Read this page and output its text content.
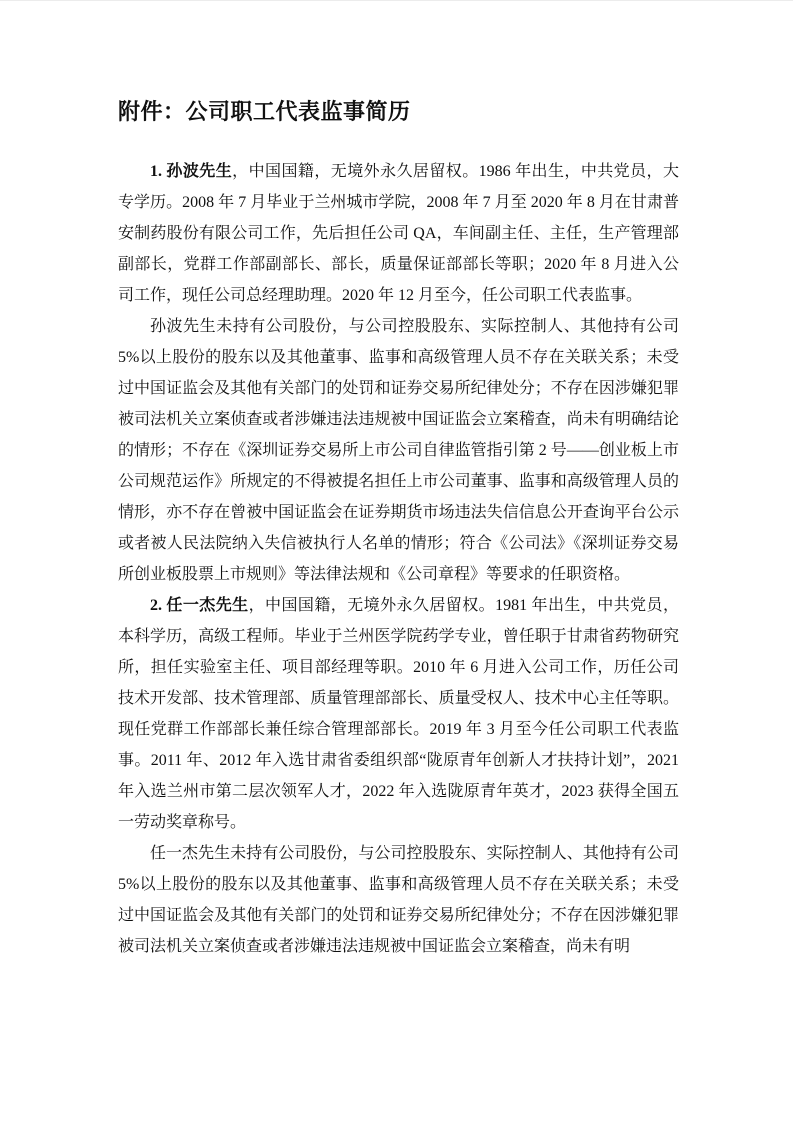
附件：公司职工代表监事简历

1. 孙波先生，中国国籍，无境外永久居留权。1986 年出生，中共党员，大专学历。2008 年 7 月毕业于兰州城市学院，2008 年 7 月至 2020 年 8 月在甘肃普安制药股份有限公司工作，先后担任公司 QA，车间副主任、主任，生产管理部副部长，党群工作部副部长、部长，质量保证部部长等职；2020 年 8 月进入公司工作，现任公司总经理助理。2020 年 12 月至今，任公司职工代表监事。

孙波先生未持有公司股份，与公司控股股东、实际控制人、其他持有公司5%以上股份的股东以及其他董事、监事和高级管理人员不存在关联关系；未受过中国证监会及其他有关部门的处罚和证券交易所纪律处分；不存在因涉嫌犯罪被司法机关立案侦查或者涉嫌违法违规被中国证监会立案稽查，尚未有明确结论的情形；不存在《深圳证券交易所上市公司自律监管指引第 2 号——创业板上市公司规范运作》所规定的不得被提名担任上市公司董事、监事和高级管理人员的情形，亦不存在曾被中国证监会在证券期货市场违法失信信息公开查询平台公示或者被人民法院纳入失信被执行人名单的情形；符合《公司法》《深圳证券交易所创业板股票上市规则》等法律法规和《公司章程》等要求的任职资格。

2. 任一杰先生，中国国籍，无境外永久居留权。1981 年出生，中共党员，本科学历，高级工程师。毕业于兰州医学院药学专业，曾任职于甘肃省药物研究所，担任实验室主任、项目部经理等职。2010 年 6 月进入公司工作，历任公司技术开发部、技术管理部、质量管理部部长、质量受权人、技术中心主任等职。现任党群工作部部长兼任综合管理部部长。2019 年 3 月至今任公司职工代表监事。2011 年、2012 年入选甘肃省委组织部“陇原青年创新人才扶持计划”，2021 年入选兰州市第二层次领军人才，2022 年入选陇原青年英才，2023 获得全国五一劳动奖章称号。

任一杰先生未持有公司股份，与公司控股股东、实际控制人、其他持有公司 5%以上股份的股东以及其他董事、监事和高级管理人员不存在关联关系；未受过中国证监会及其他有关部门的处罚和证券交易所纪律处分；不存在因涉嫌犯罪被司法机关立案侦查或者涉嫌违法违规被中国证监会立案稽查，尚未有明
